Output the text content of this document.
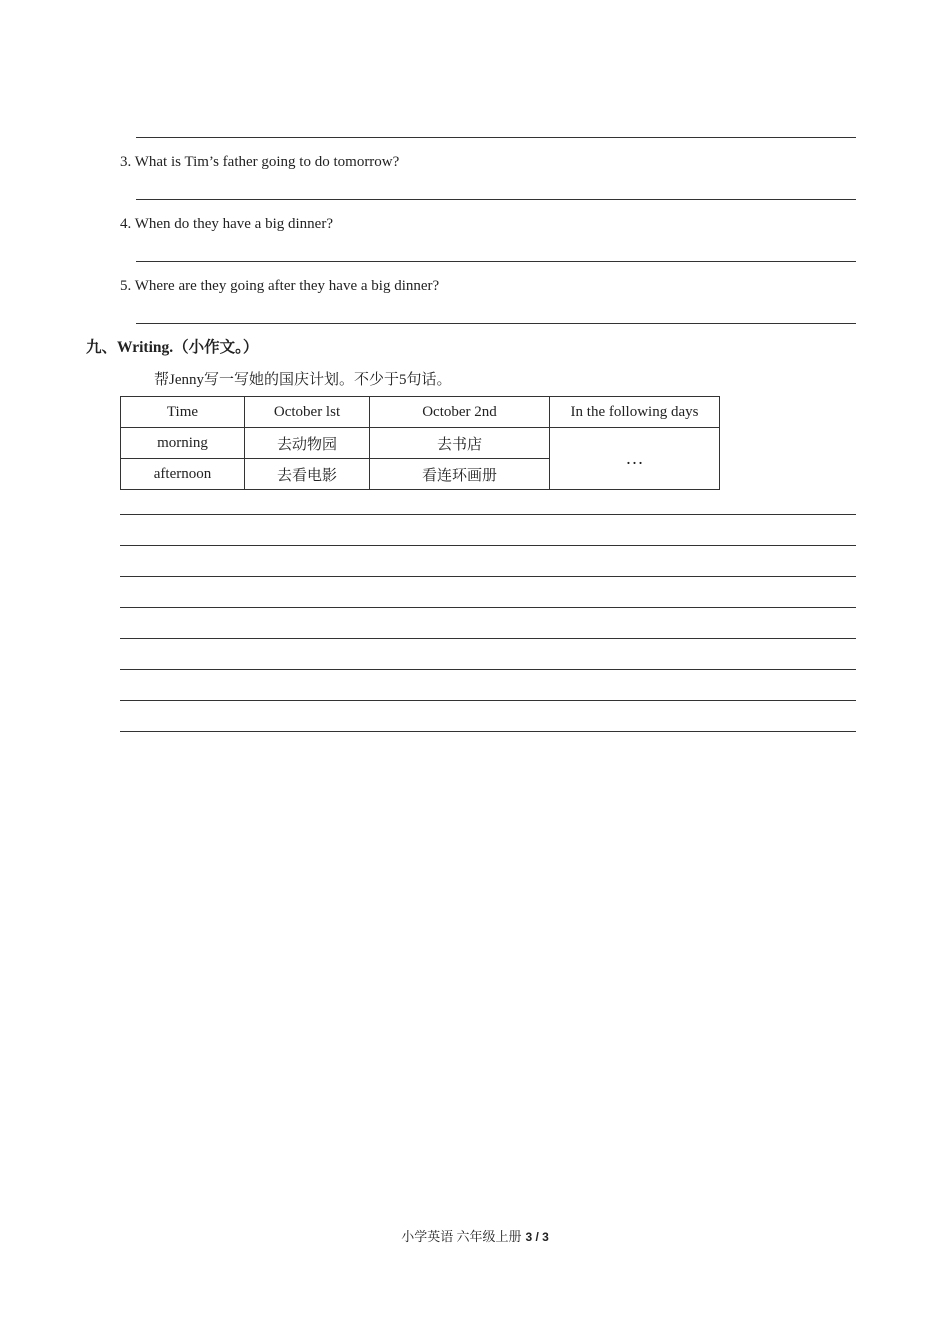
3. What is Tim’s father going to do tomorrow?
4. When do they have a big dinner?
5. Where are they going after they have a big dinner?
九、Writing.（小作文。）
帮Jenny写一写她的国庆计划。不少于5句话。
Time	October lst	October 2nd	In the following days
morning	去动物园	去书店	…
afternoon	去看电影	看连环画册	
小学英语 六年级上册 3 / 3
